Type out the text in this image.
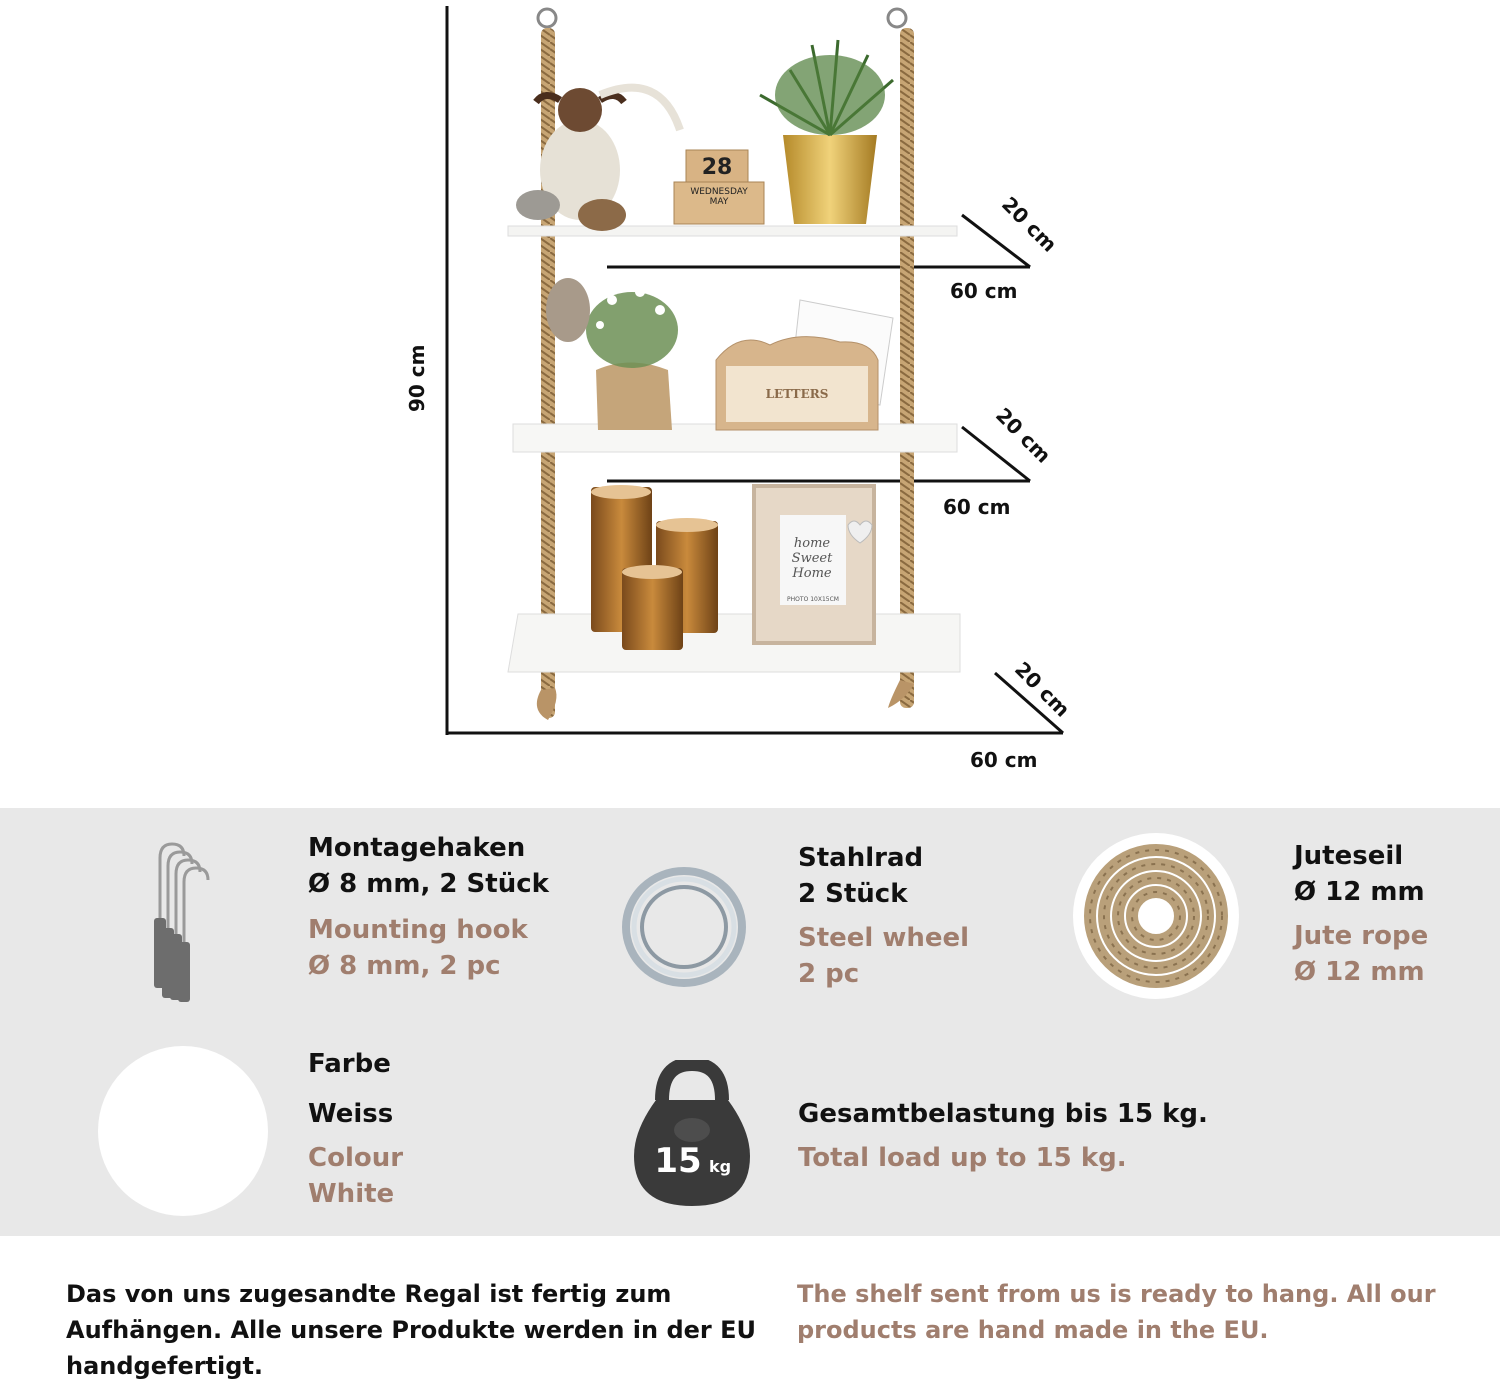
28
WEDNESDAY
MAY
LETTERS
home
Sweet
Home
PHOTO 10X15CM
90 cm
20 cm
60 cm
20 cm
60 cm
20 cm
60 cm
Montagehaken
Ø 8 mm, 2 Stück
Mounting hook
Ø 8 mm, 2 pc
Stahlrad
2 Stück
Steel wheel
2 pc
Juteseil
Ø 12 mm
Jute rope
Ø 12 mm
Farbe
Weiss
Colour
White
15 kg
Gesamtbelastung bis 15 kg.
Total load up to 15 kg.
Das von uns zugesandte Regal ist fertig zum Aufhängen. Alle unsere Produkte werden in der EU handgefertigt.
The shelf sent from us is ready to hang. All our products are hand made in the EU.
